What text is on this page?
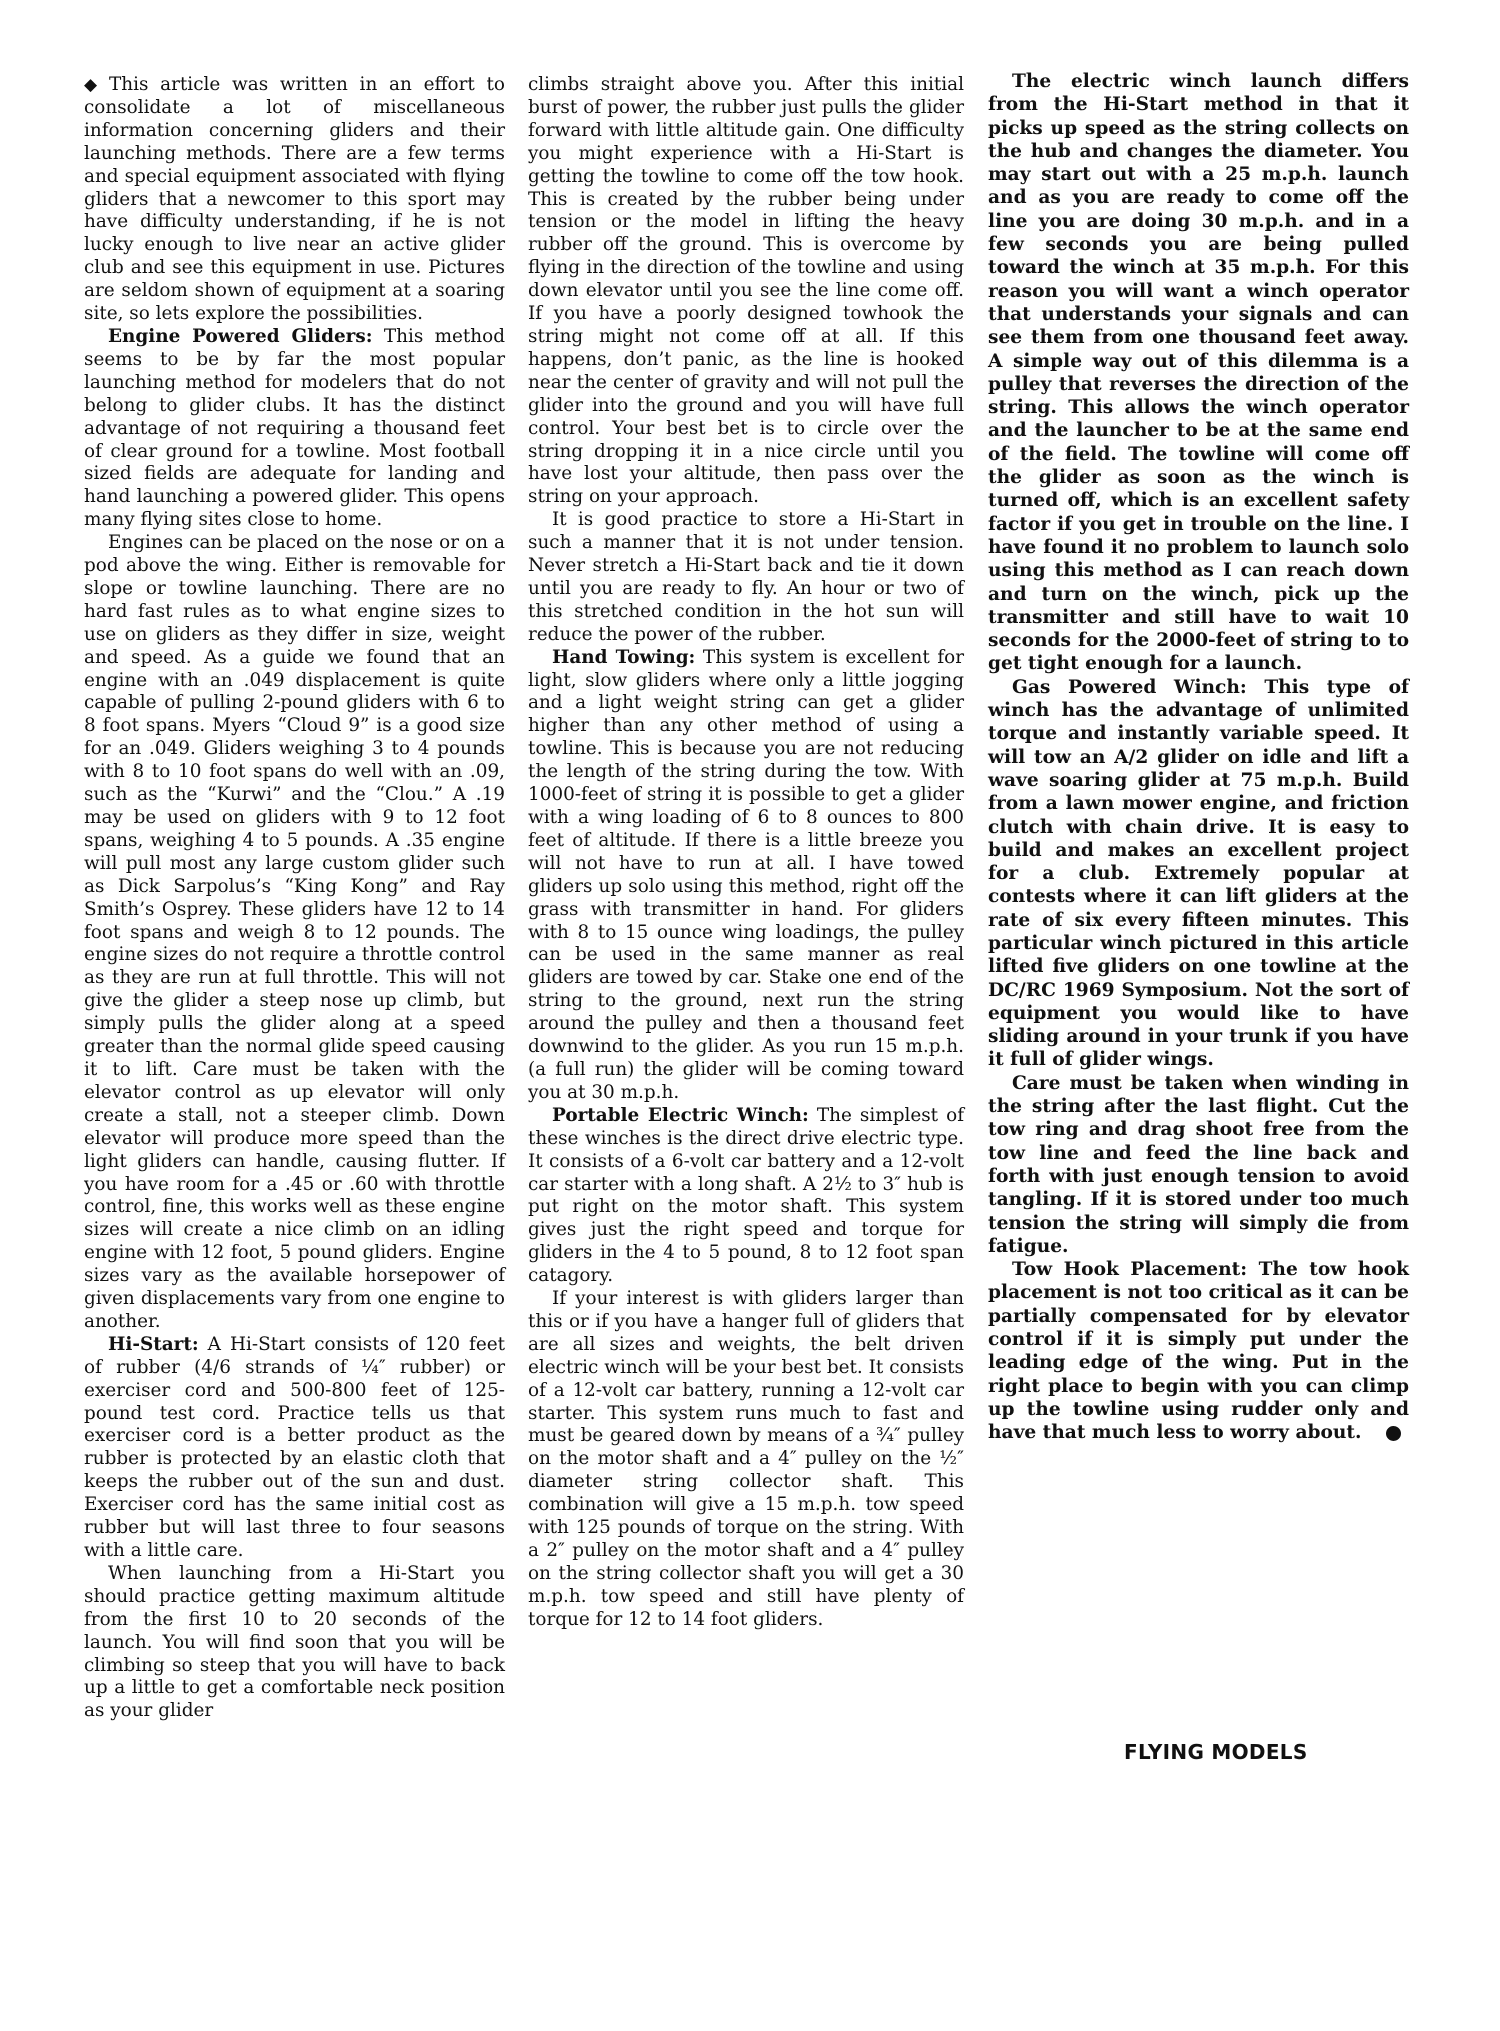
◆ This article was written in an effort to consolidate a lot of miscellaneous information concerning gliders and their launching methods. There are a few terms and special equipment associated with flying gliders that a newcomer to this sport may have difficulty understanding, if he is not lucky enough to live near an active glider club and see this equipment in use. Pictures are seldom shown of equipment at a soaring site, so lets explore the possibilities.

Engine Powered Gliders: This method seems to be by far the most popular launching method for modelers that do not belong to glider clubs. It has the distinct advantage of not requiring a thousand feet of clear ground for a towline. Most football sized fields are adequate for landing and hand launching a powered glider. This opens many flying sites close to home.

Engines can be placed on the nose or on a pod above the wing. Either is removable for slope or towline launching. There are no hard fast rules as to what engine sizes to use on gliders as they differ in size, weight and speed. As a guide we found that an engine with an .049 displacement is quite capable of pulling 2-pound gliders with 6 to 8 foot spans. Myers “Cloud 9” is a good size for an .049. Gliders weighing 3 to 4 pounds with 8 to 10 foot spans do well with an .09, such as the “Kurwi” and the “Clou.” A .19 may be used on gliders with 9 to 12 foot spans, weighing 4 to 5 pounds. A .35 engine will pull most any large custom glider such as Dick Sarpolus’s “King Kong” and Ray Smith’s Osprey. These gliders have 12 to 14 foot spans and weigh 8 to 12 pounds. The engine sizes do not require a throttle control as they are run at full throttle. This will not give the glider a steep nose up climb, but simply pulls the glider along at a speed greater than the normal glide speed causing it to lift. Care must be taken with the elevator control as up elevator will only create a stall, not a steeper climb. Down elevator will produce more speed than the light gliders can handle, causing flutter. If you have room for a .45 or .60 with throttle control, fine, this works well as these engine sizes will create a nice climb on an idling engine with 12 foot, 5 pound gliders. Engine sizes vary as the available horsepower of given displacements vary from one engine to another.

Hi-Start: A Hi-Start consists of 120 feet of rubber (4/6 strands of ¼″ rubber) or exerciser cord and 500-800 feet of 125-pound test cord. Practice tells us that exerciser cord is a better product as the rubber is protected by an elastic cloth that keeps the rubber out of the sun and dust. Exerciser cord has the same initial cost as rubber but will last three to four seasons with a little care.

When launching from a Hi-Start you should practice getting maximum altitude from the first 10 to 20 seconds of the launch. You will find soon that you will be climbing so steep that you will have to back up a little to get a comfortable neck position as your glider

climbs straight above you. After this initial burst of power, the rubber just pulls the glider forward with little altitude gain. One difficulty you might experience with a Hi-Start is getting the towline to come off the tow hook. This is created by the rubber being under tension or the model in lifting the heavy rubber off the ground. This is overcome by flying in the direction of the towline and using down elevator until you see the line come off. If you have a poorly designed towhook the string might not come off at all. If this happens, don’t panic, as the line is hooked near the center of gravity and will not pull the glider into the ground and you will have full control. Your best bet is to circle over the string dropping it in a nice circle until you have lost your altitude, then pass over the string on your approach.

It is good practice to store a Hi-Start in such a manner that it is not under tension. Never stretch a Hi-Start back and tie it down until you are ready to fly. An hour or two of this stretched condition in the hot sun will reduce the power of the rubber.

Hand Towing: This system is excellent for light, slow gliders where only a little jogging and a light weight string can get a glider higher than any other method of using a towline. This is because you are not reducing the length of the string during the tow. With 1000-feet of string it is possible to get a glider with a wing loading of 6 to 8 ounces to 800 feet of altitude. If there is a little breeze you will not have to run at all. I have towed gliders up solo using this method, right off the grass with transmitter in hand. For gliders with 8 to 15 ounce wing loadings, the pulley can be used in the same manner as real gliders are towed by car. Stake one end of the string to the ground, next run the string around the pulley and then a thousand feet downwind to the glider. As you run 15 m.p.h. (a full run) the glider will be coming toward you at 30 m.p.h.

Portable Electric Winch: The simplest of these winches is the direct drive electric type. It consists of a 6-volt car battery and a 12-volt car starter with a long shaft. A 2½ to 3″ hub is put right on the motor shaft. This system gives just the right speed and torque for gliders in the 4 to 5 pound, 8 to 12 foot span catagory.

If your interest is with gliders larger than this or if you have a hanger full of gliders that are all sizes and weights, the belt driven electric winch will be your best bet. It consists of a 12-volt car battery, running a 12-volt car starter. This system runs much to fast and must be geared down by means of a ¾″ pulley on the motor shaft and a 4″ pulley on the ½″ diameter string collector shaft. This combination will give a 15 m.p.h. tow speed with 125 pounds of torque on the string. With a 2″ pulley on the motor shaft and a 4″ pulley on the string collector shaft you will get a 30 m.p.h. tow speed and still have plenty of torque for 12 to 14 foot gliders.

The electric winch launch differs from the Hi-Start method in that it picks up speed as the string collects on the hub and changes the diameter. You may start out with a 25 m.p.h. launch and as you are ready to come off the line you are doing 30 m.p.h. and in a few seconds you are being pulled toward the winch at 35 m.p.h. For this reason you will want a winch operator that understands your signals and can see them from one thousand feet away. A simple way out of this dilemma is a pulley that reverses the direction of the string. This allows the winch operator and the launcher to be at the same end of the field. The towline will come off the glider as soon as the winch is turned off, which is an excellent safety factor if you get in trouble on the line. I have found it no problem to launch solo using this method as I can reach down and turn on the winch, pick up the transmitter and still have to wait 10 seconds for the 2000-feet of string to to get tight enough for a launch.

Gas Powered Winch: This type of winch has the advantage of unlimited torque and instantly variable speed. It will tow an A/2 glider on idle and lift a wave soaring glider at 75 m.p.h. Build from a lawn mower engine, and friction clutch with chain drive. It is easy to build and makes an excellent project for a club. Extremely popular at contests where it can lift gliders at the rate of six every fifteen minutes. This particular winch pictured in this article lifted five gliders on one towline at the DC/RC 1969 Symposium. Not the sort of equipment you would like to have sliding around in your trunk if you have it full of glider wings.

Care must be taken when winding in the string after the last flight. Cut the tow ring and drag shoot free from the tow line and feed the line back and forth with just enough tension to avoid tangling. If it is stored under too much tension the string will simply die from fatigue.

Tow Hook Placement: The tow hook placement is not too critical as it can be partially compensated for by elevator control if it is simply put under the leading edge of the wing. Put in the right place to begin with you can climp up the towline using rudder only and have that much less to worry about.

FLYING MODELS
